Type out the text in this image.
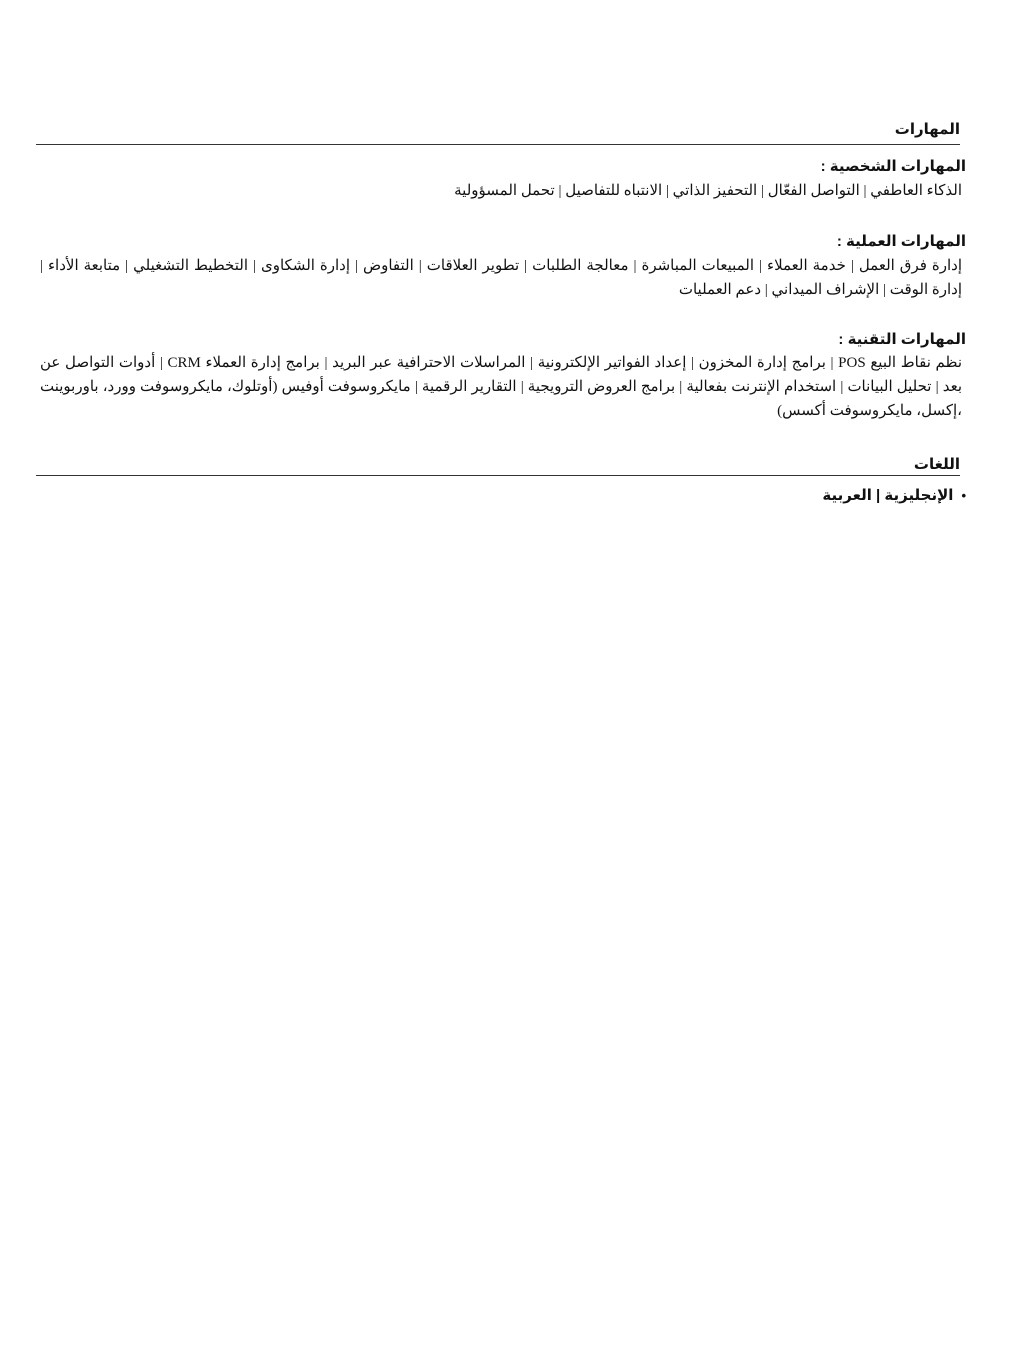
المهارات
المهارات الشخصية :
الذكاء العاطفي | التواصل الفعّال | التحفيز الذاتي | الانتباه للتفاصيل | تحمل المسؤولية
المهارات العملية :
إدارة فرق العمل | خدمة العملاء | المبيعات المباشرة | معالجة الطلبات | تطوير العلاقات | التفاوض | إدارة الشكاوى | التخطيط التشغيلي | متابعة الأداء | إدارة الوقت | الإشراف الميداني | دعم العمليات
المهارات التقنية :
نظم نقاط البيع POS | برامج إدارة المخزون | إعداد الفواتير الإلكترونية | المراسلات الاحترافية عبر البريد | برامج إدارة العملاء CRM | أدوات التواصل عن بعد | تحليل البيانات | استخدام الإنترنت بفعالية | برامج العروض الترويجية | التقارير الرقمية | مايكروسوفت أوفيس (أوتلوك، مايكروسوفت وورد، باوربوينت ،إكسل، مايكروسوفت أكسس)
اللغات
•الإنجليزية | العربية
